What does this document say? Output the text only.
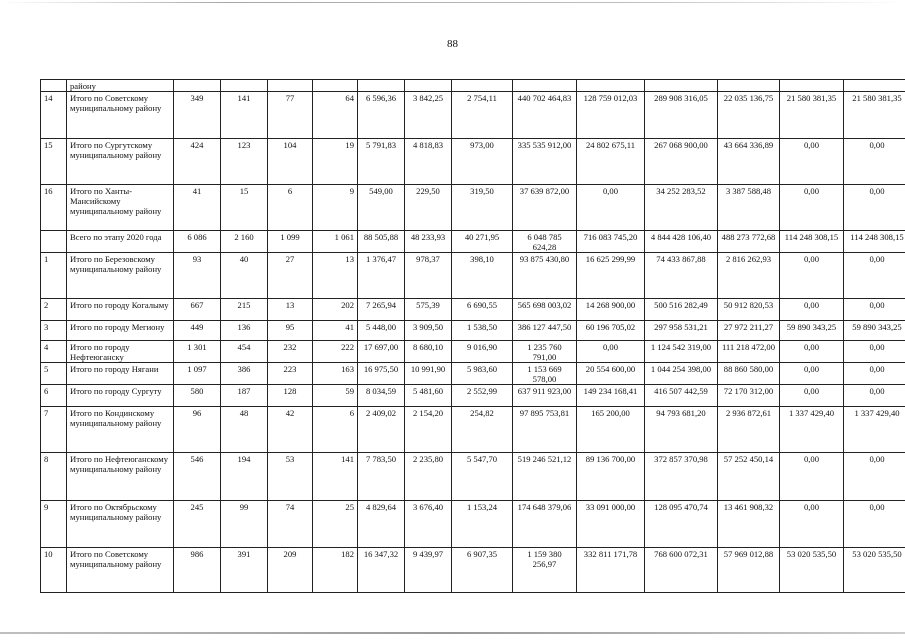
88
	району													
14	Итого по Советскому муниципальному району	349	141	77	64	6 596,36	3 842,25	2 754,11	440 702 464,83	128 759 012,03	289 908 316,05	22 035 136,75	21 580 381,35	21 580 381,35
15	Итого по Сургутскому муниципальному району	424	123	104	19	5 791,83	4 818,83	973,00	335 535 912,00	24 802 675,11	267 068 900,00	43 664 336,89	0,00	0,00
16	Итого по Ханты-Мансийскому муниципальному району	41	15	6	9	549,00	229,50	319,50	37 639 872,00	0,00	34 252 283,52	3 387 588,48	0,00	0,00
	Всего по этапу 2020 года	6 086	2 160	1 099	1 061	88 505,88	48 233,93	40 271,95	6 048 785 624,28	716 083 745,20	4 844 428 106,40	488 273 772,68	114 248 308,15	114 248 308,15
1	Итого по Березовскому муниципальному району	93	40	27	13	1 376,47	978,37	398,10	93 875 430,80	16 625 299,99	74 433 867,88	2 816 262,93	0,00	0,00
2	Итого по городу Когалыму	667	215	13	202	7 265,94	575,39	6 690,55	565 698 003,02	14 268 900,00	500 516 282,49	50 912 820,53	0,00	0,00
3	Итого по городу Мегиону	449	136	95	41	5 448,00	3 909,50	1 538,50	386 127 447,50	60 196 705,02	297 958 531,21	27 972 211,27	59 890 343,25	59 890 343,25
4	Итого по городу Нефтеюганску	1 301	454	232	222	17 697,00	8 680,10	9 016,90	1 235 760 791,00	0,00	1 124 542 319,00	111 218 472,00	0,00	0,00
5	Итого по городу Нягани	1 097	386	223	163	16 975,50	10 991,90	5 983,60	1 153 669 578,00	20 554 600,00	1 044 254 398,00	88 860 580,00	0,00	0,00
6	Итого по городу Сургуту	580	187	128	59	8 034,59	5 481,60	2 552,99	637 911 923,00	149 234 168,41	416 507 442,59	72 170 312,00	0,00	0,00
7	Итого по Кондинскому муниципальному району	96	48	42	6	2 409,02	2 154,20	254,82	97 895 753,81	165 200,00	94 793 681,20	2 936 872,61	1 337 429,40	1 337 429,40
8	Итого по Нефтеюганскому муниципальному району	546	194	53	141	7 783,50	2 235,80	5 547,70	519 246 521,12	89 136 700,00	372 857 370,98	57 252 450,14	0,00	0,00
9	Итого по Октябрьскому муниципальному району	245	99	74	25	4 829,64	3 676,40	1 153,24	174 648 379,06	33 091 000,00	128 095 470,74	13 461 908,32	0,00	0,00
10	Итого по Советскому муниципальному району	986	391	209	182	16 347,32	9 439,97	6 907,35	1 159 380 256,97	332 811 171,78	768 600 072,31	57 969 012,88	53 020 535,50	53 020 535,50
